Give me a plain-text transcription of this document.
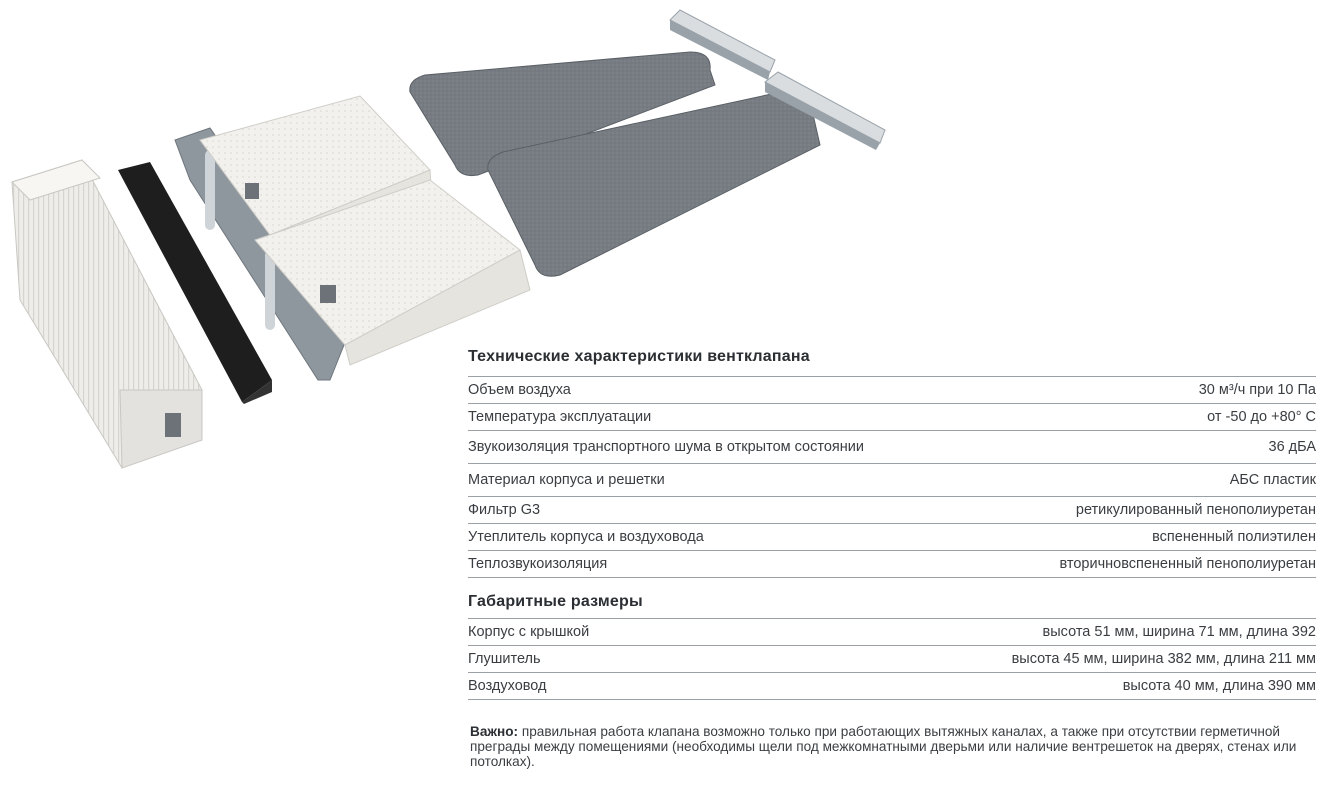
Технические характеристики вентклапана
Объем воздуха	30 м³/ч при 10 Па
Температура эксплуатации	от -50 до +80° С
Звукоизоляция транспортного шума в открытом состоянии	36 дБА
Материал корпуса и решетки	АБС пластик
Фильтр G3	ретикулированный пенополиуретан
Утеплитель корпуса и воздуховода	вспененный полиэтилен
Теплозвукоизоляция	вторичновспененный пенополиуретан
Габаритные размеры
Корпус с крышкой	высота 51 мм, ширина 71 мм, длина 392
Глушитель	высота 45 мм, ширина 382 мм, длина 211 мм
Воздуховод	высота 40 мм, длина 390 мм
Важно: правильная работа клапана возможно только при работающих вытяжных каналах, а также при отсутствии герметичной преграды между помещениями (необходимы щели под межкомнатными дверьми или наличие вентрешеток на дверях, стенах или потолках).
